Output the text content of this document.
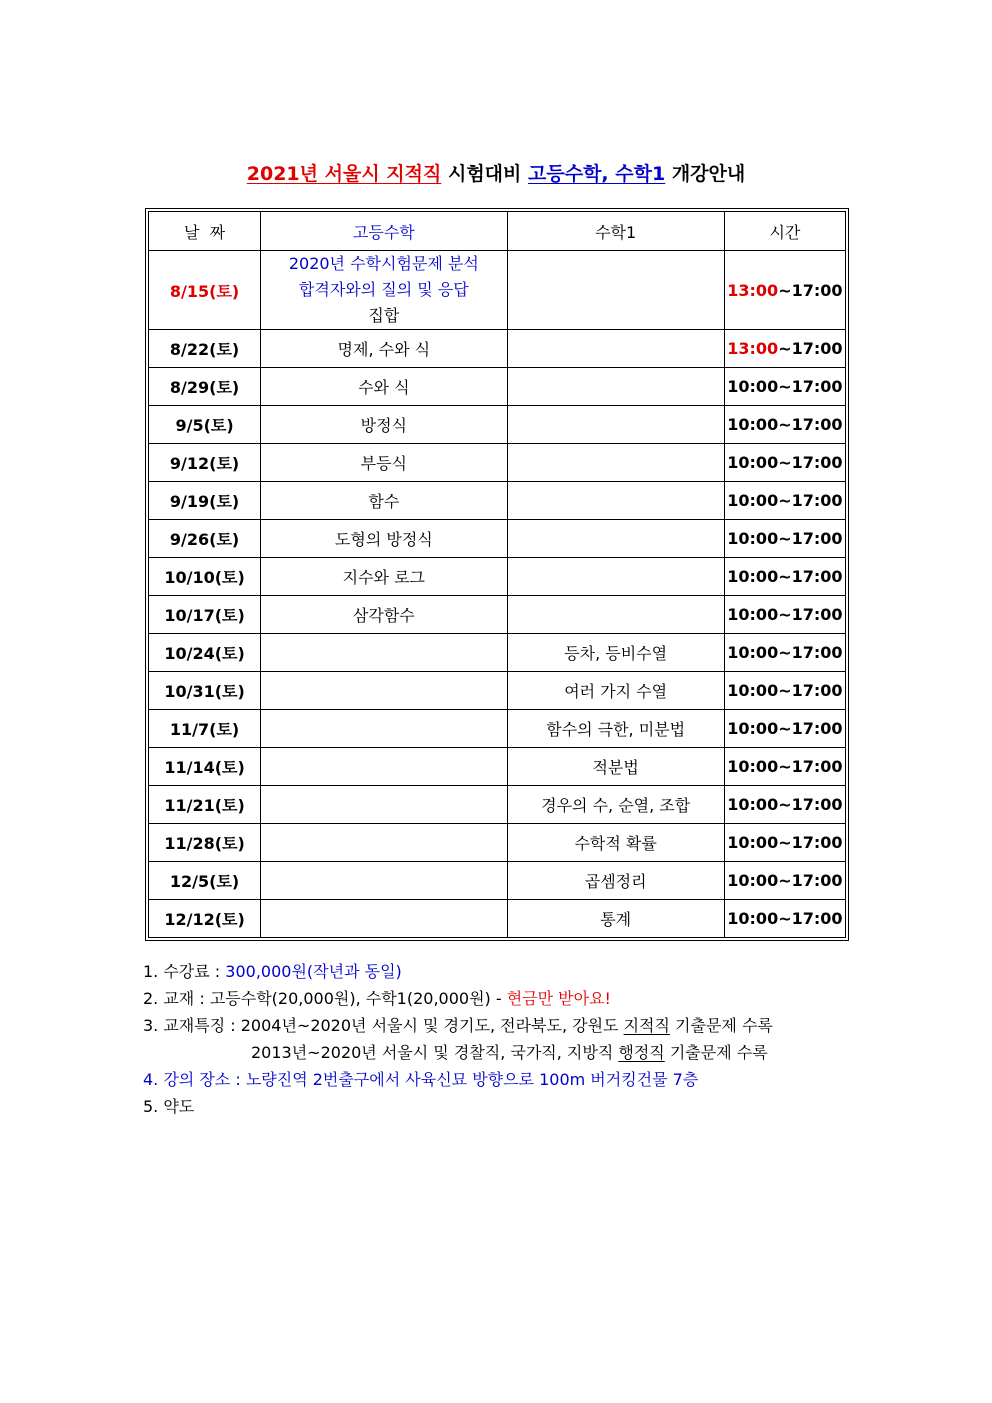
2021년 서울시 지적직 시험대비 고등수학, 수학1 개강안내
날  짜	고등수학	수학1	시간
8/15(토)	2020년 수학시험문제 분석
합격자와의 질의 및 응답
집합		13:00~17:00
8/22(토)	명제, 수와 식		13:00~17:00
8/29(토)	수와 식		10:00~17:00
9/5(토)	방정식		10:00~17:00
9/12(토)	부등식		10:00~17:00
9/19(토)	함수		10:00~17:00
9/26(토)	도형의 방정식		10:00~17:00
10/10(토)	지수와 로그		10:00~17:00
10/17(토)	삼각함수		10:00~17:00
10/24(토)		등차, 등비수열	10:00~17:00
10/31(토)		여러 가지 수열	10:00~17:00
11/7(토)		함수의 극한, 미분법	10:00~17:00
11/14(토)		적분법	10:00~17:00
11/21(토)		경우의 수, 순열, 조합	10:00~17:00
11/28(토)		수학적 확률	10:00~17:00
12/5(토)		곱셈정리	10:00~17:00
12/12(토)		통계	10:00~17:00
1. 수강료 : 300,000원(작년과 동일)
2. 교재 : 고등수학(20,000원), 수학1(20,000원) - 현금만 받아요!
3. 교재특징 : 2004년~2020년 서울시 및 경기도, 전라북도, 강원도 지적직 기출문제 수록
2013년~2020년 서울시 및 경찰직, 국가직, 지방직 행정직 기출문제 수록
4. 강의 장소 : 노량진역 2번출구에서 사육신묘 방향으로 100m 버거킹건물 7층
5. 약도
